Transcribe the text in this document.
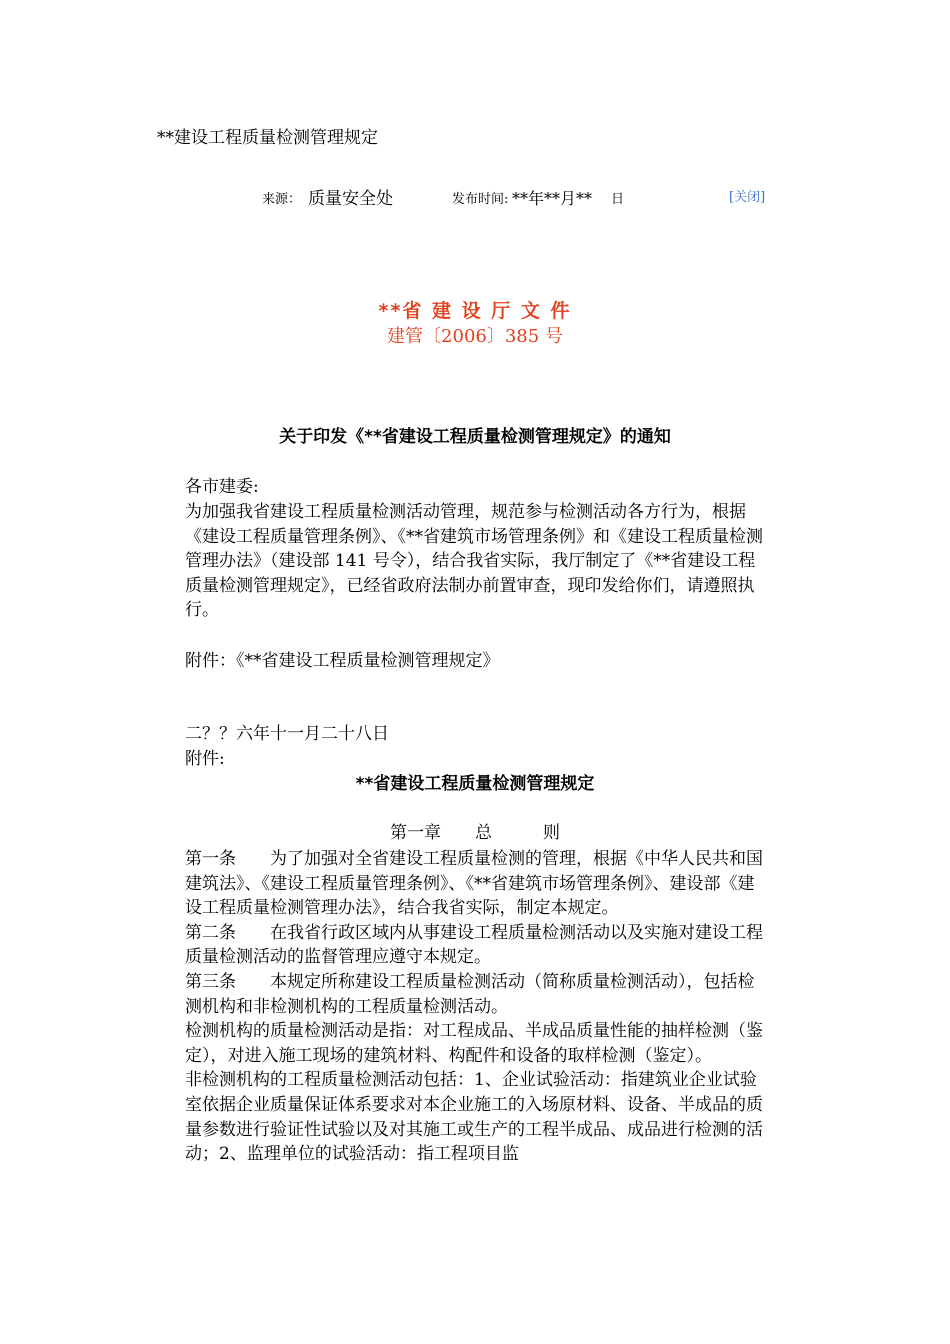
**建设工程质量检测管理规定
来源： 质量安全处	发布时间: **年**月** 日	[关闭]
**省 建 设 厅 文 件
建管〔2006〕385 号
关于印发《**省建设工程质量检测管理规定》的通知
各市建委:
为加强我省建设工程质量检测活动管理，规范参与检测活动各方行为，根据《建设工程质量管理条例》、《**省建筑市场管理条例》和《建设工程质量检测管理办法》（建设部 141 号令），结合我省实际，我厅制定了《**省建设工程质量检测管理规定》，已经省政府法制办前置审查，现印发给你们，请遵照执行。
附件：《**省建设工程质量检测管理规定》
二？？六年十一月二十八日
附件:
**省建设工程质量检测管理规定
第一章　　总　　　则

第一条　　为了加强对全省建设工程质量检测的管理，根据《中华人民共和国建筑法》、《建设工程质量管理条例》、《**省建筑市场管理条例》、建设部《建设工程质量检测管理办法》，结合我省实际，制定本规定。

第二条　　在我省行政区域内从事建设工程质量检测活动以及实施对建设工程质量检测活动的监督管理应遵守本规定。

第三条　　本规定所称建设工程质量检测活动（简称质量检测活动），包括检测机构和非检测机构的工程质量检测活动。

检测机构的质量检测活动是指：对工程成品、半成品质量性能的抽样检测（鉴定），对进入施工现场的建筑材料、构配件和设备的取样检测（鉴定）。

非检测机构的工程质量检测活动包括：1、企业试验活动：指建筑业企业试验室依据企业质量保证体系要求对本企业施工的入场原材料、设备、半成品的质量参数进行验证性试验以及对其施工或生产的工程半成品、成品进行检测的活动；2、监理单位的试验活动：指工程项目监
